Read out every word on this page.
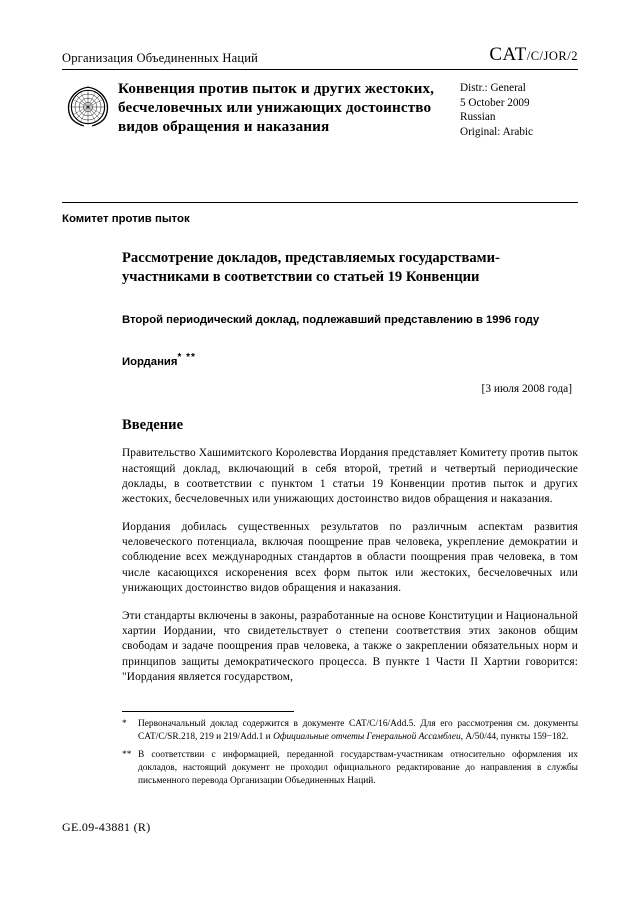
Организация Объединенных Наций	CAT/C/JOR/2
Конвенция против пыток и других жестоких, бесчеловечных или унижающих достоинство видов обращения и наказания
Distr.: General
5 October 2009
Russian
Original: Arabic
Комитет против пыток
Рассмотрение докладов, представляемых государствами-участниками в соответствии со статьей 19 Конвенции
Второй периодический доклад, подлежавший представлению в 1996 году
Иордания* **
[3 июля 2008 года]
Введение
Правительство Хашимитского Королевства Иордания представляет Комитету против пыток настоящий доклад, включающий в себя второй, третий и четвертый периодические доклады, в соответствии с пунктом 1 статьи 19 Конвенции против пыток и других жестоких, бесчеловечных или унижающих достоинство видов обращения и наказания.
Иордания добилась существенных результатов по различным аспектам развития человеческого потенциала, включая поощрение прав человека, укрепление демократии и соблюдение всех международных стандартов в области поощрения прав человека, в том числе касающихся искоренения всех форм пыток или жестоких, бесчеловечных или унижающих достоинство видов обращения и наказания.
Эти стандарты включены в законы, разработанные на основе Конституции и Национальной хартии Иордании, что свидетельствует о степени соответствия этих законов общим свободам и задаче поощрения прав человека, а также о закреплении обязательных норм и принципов защиты демократического процесса. В пункте 1 Части II Хартии говорится: "Иордания является государством,
*	Первоначальный доклад содержится в документе CAT/C/16/Add.5. Для его рассмотрения см. документы CAT/C/SR.218, 219 и 219/Add.1 и Официальные отчеты Генеральной Ассамблеи, A/50/44, пункты 159−182.
** В соответствии с информацией, переданной государствам-участникам относительно оформления их докладов, настоящий документ не проходил официального редактирование до направления в службы письменного перевода Организации Объединенных Наций.
GE.09-43881 (R)
